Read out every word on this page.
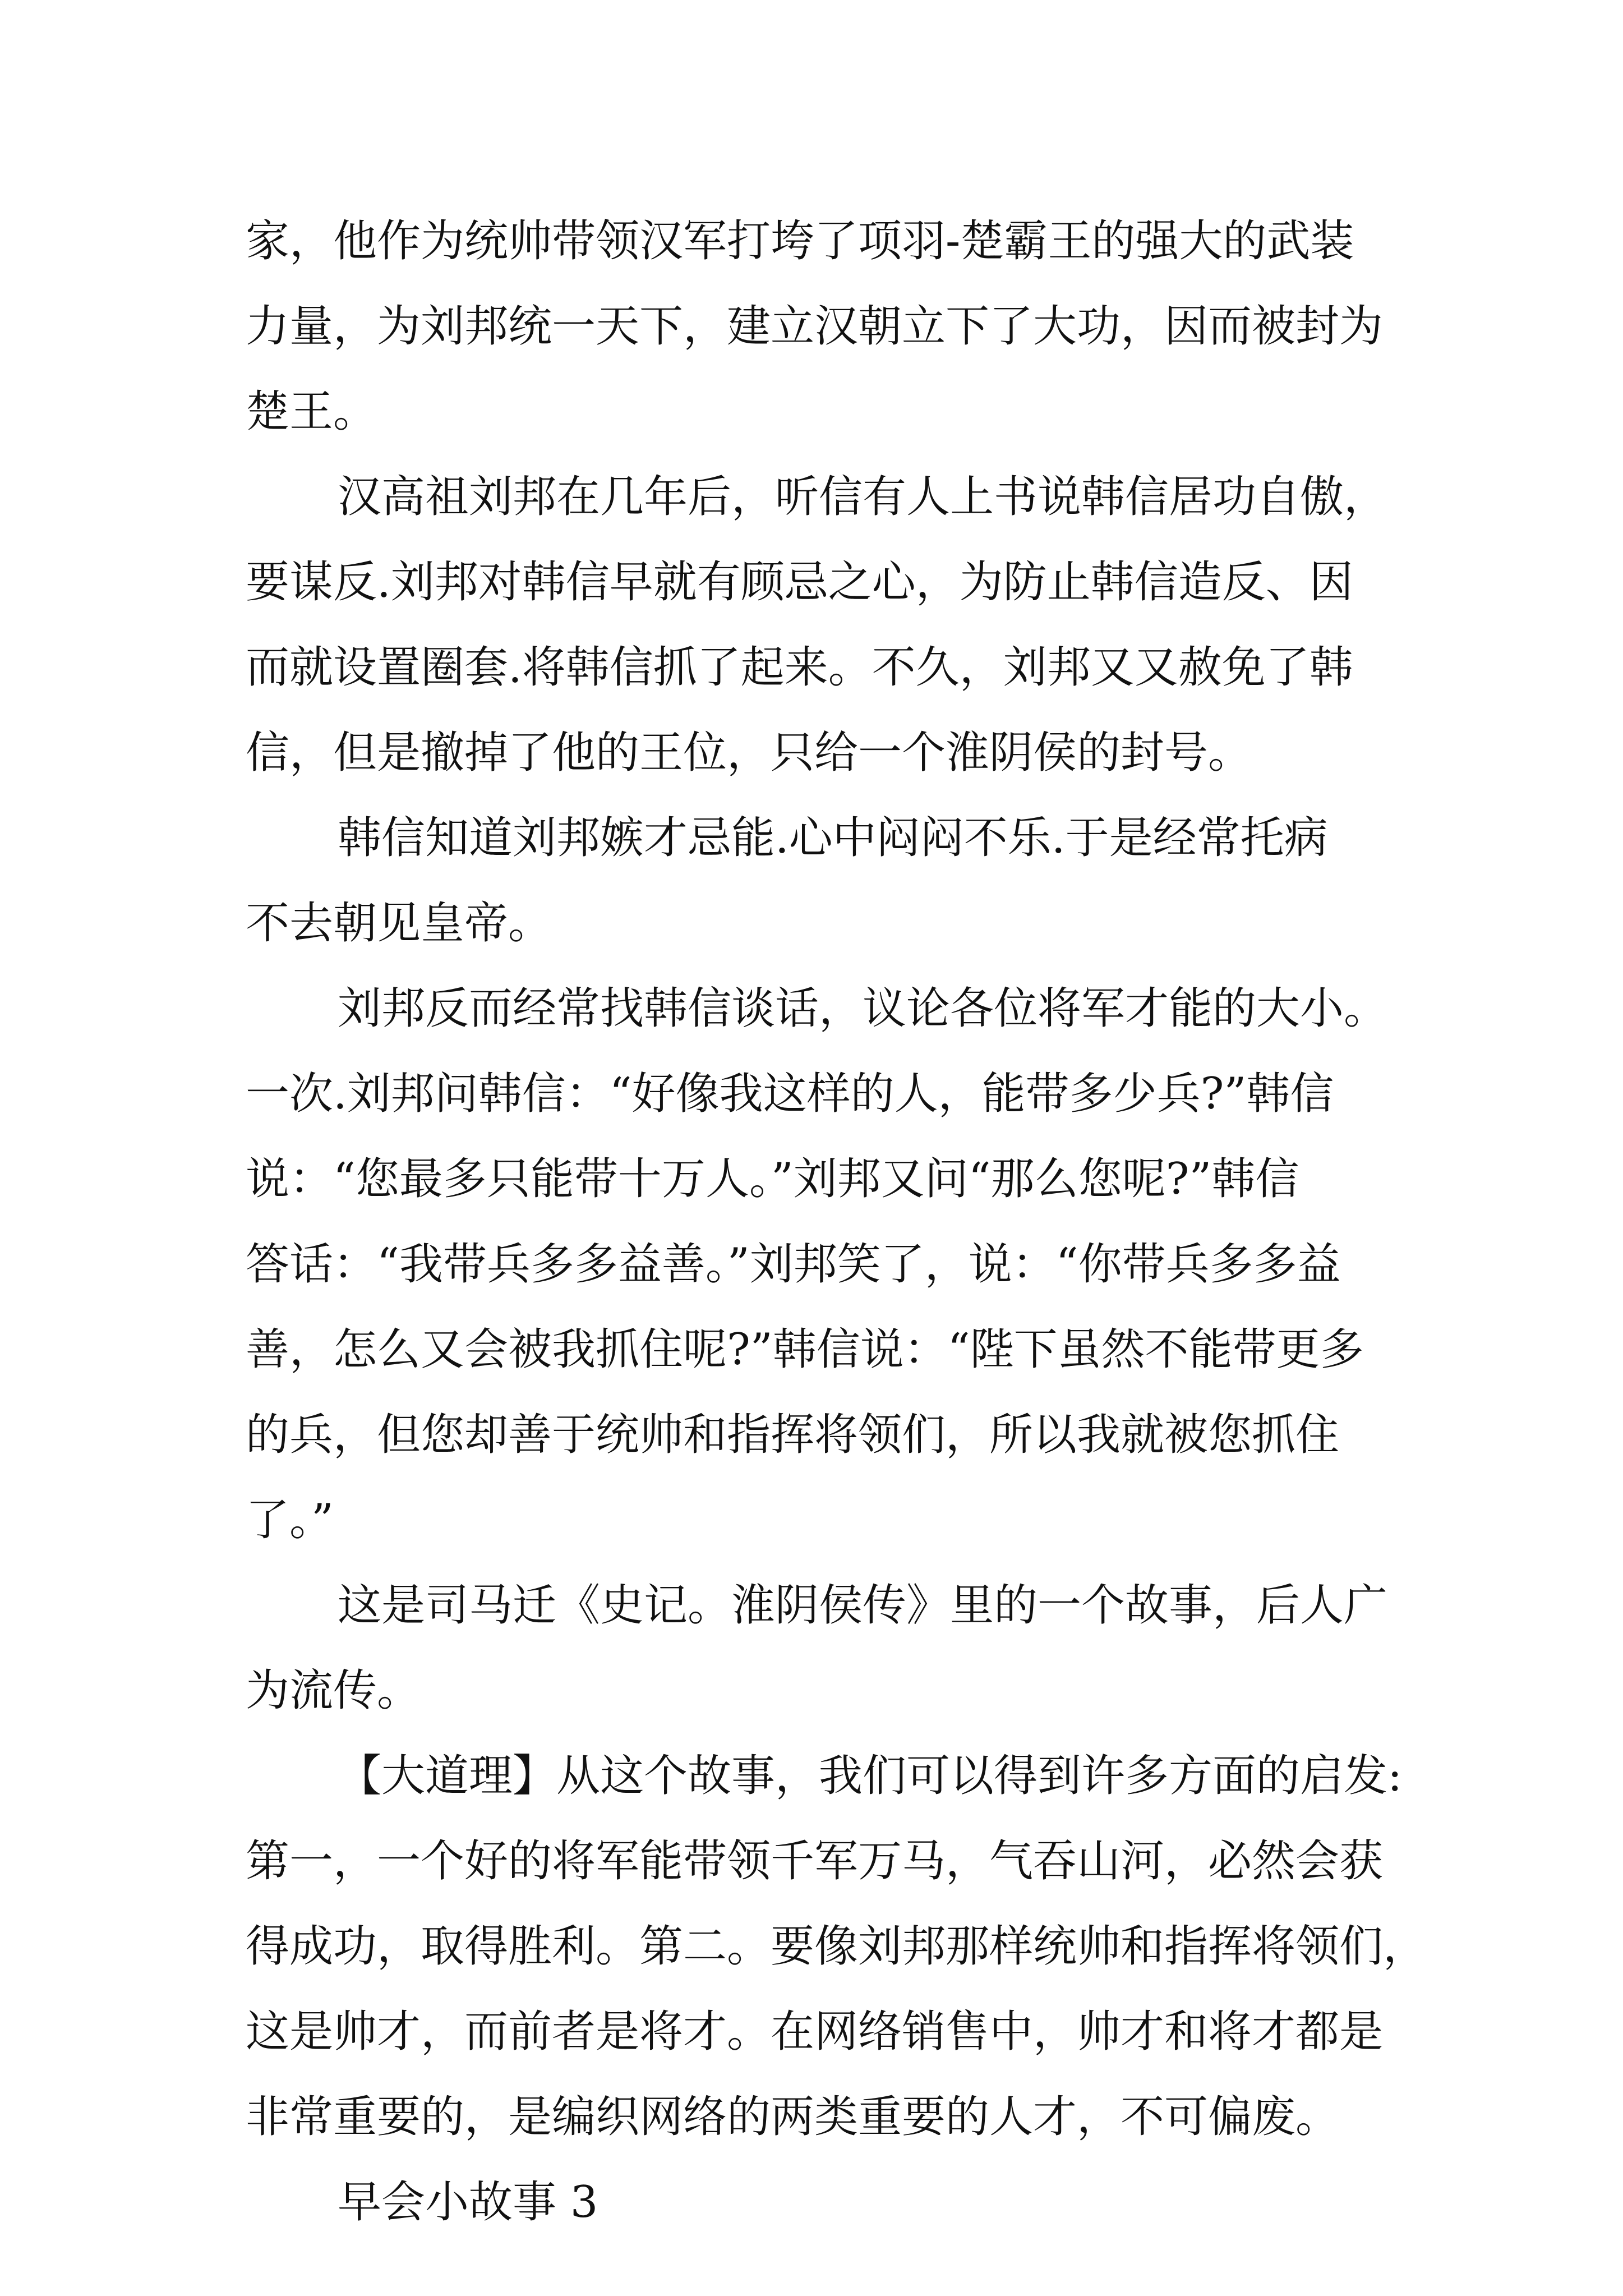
家，他作为统帅带领汉军打垮了项羽-楚霸王的强大的武装
力量，为刘邦统一天下，建立汉朝立下了大功，因而被封为
楚王。
汉高祖刘邦在几年后，听信有人上书说韩信居功自傲，
要谋反.刘邦对韩信早就有顾忌之心，为防止韩信造反、因
而就设置圈套.将韩信抓了起来。不久，刘邦又又赦免了韩
信，但是撤掉了他的王位，只给一个淮阴侯的封号。
韩信知道刘邦嫉才忌能.心中闷闷不乐.于是经常托病
不去朝见皇帝。
刘邦反而经常找韩信谈话，议论各位将军才能的大小。
一次.刘邦问韩信：“好像我这样的人，能带多少兵?”韩信
说：“您最多只能带十万人。”刘邦又问“那么您呢?”韩信
答话：“我带兵多多益善。”刘邦笑了，说：“你带兵多多益
善，怎么又会被我抓住呢?”韩信说：“陛下虽然不能带更多
的兵，但您却善于统帅和指挥将领们，所以我就被您抓住
了。”
这是司马迁《史记。淮阴侯传》里的一个故事，后人广
为流传。
【大道理】从这个故事，我们可以得到许多方面的启发:
第一，一个好的将军能带领千军万马，气吞山河，必然会获
得成功，取得胜利。第二。要像刘邦那样统帅和指挥将领们，
这是帅才，而前者是将才。在网络销售中，帅才和将才都是
非常重要的，是编织网络的两类重要的人才，不可偏废。
早会小故事 3
